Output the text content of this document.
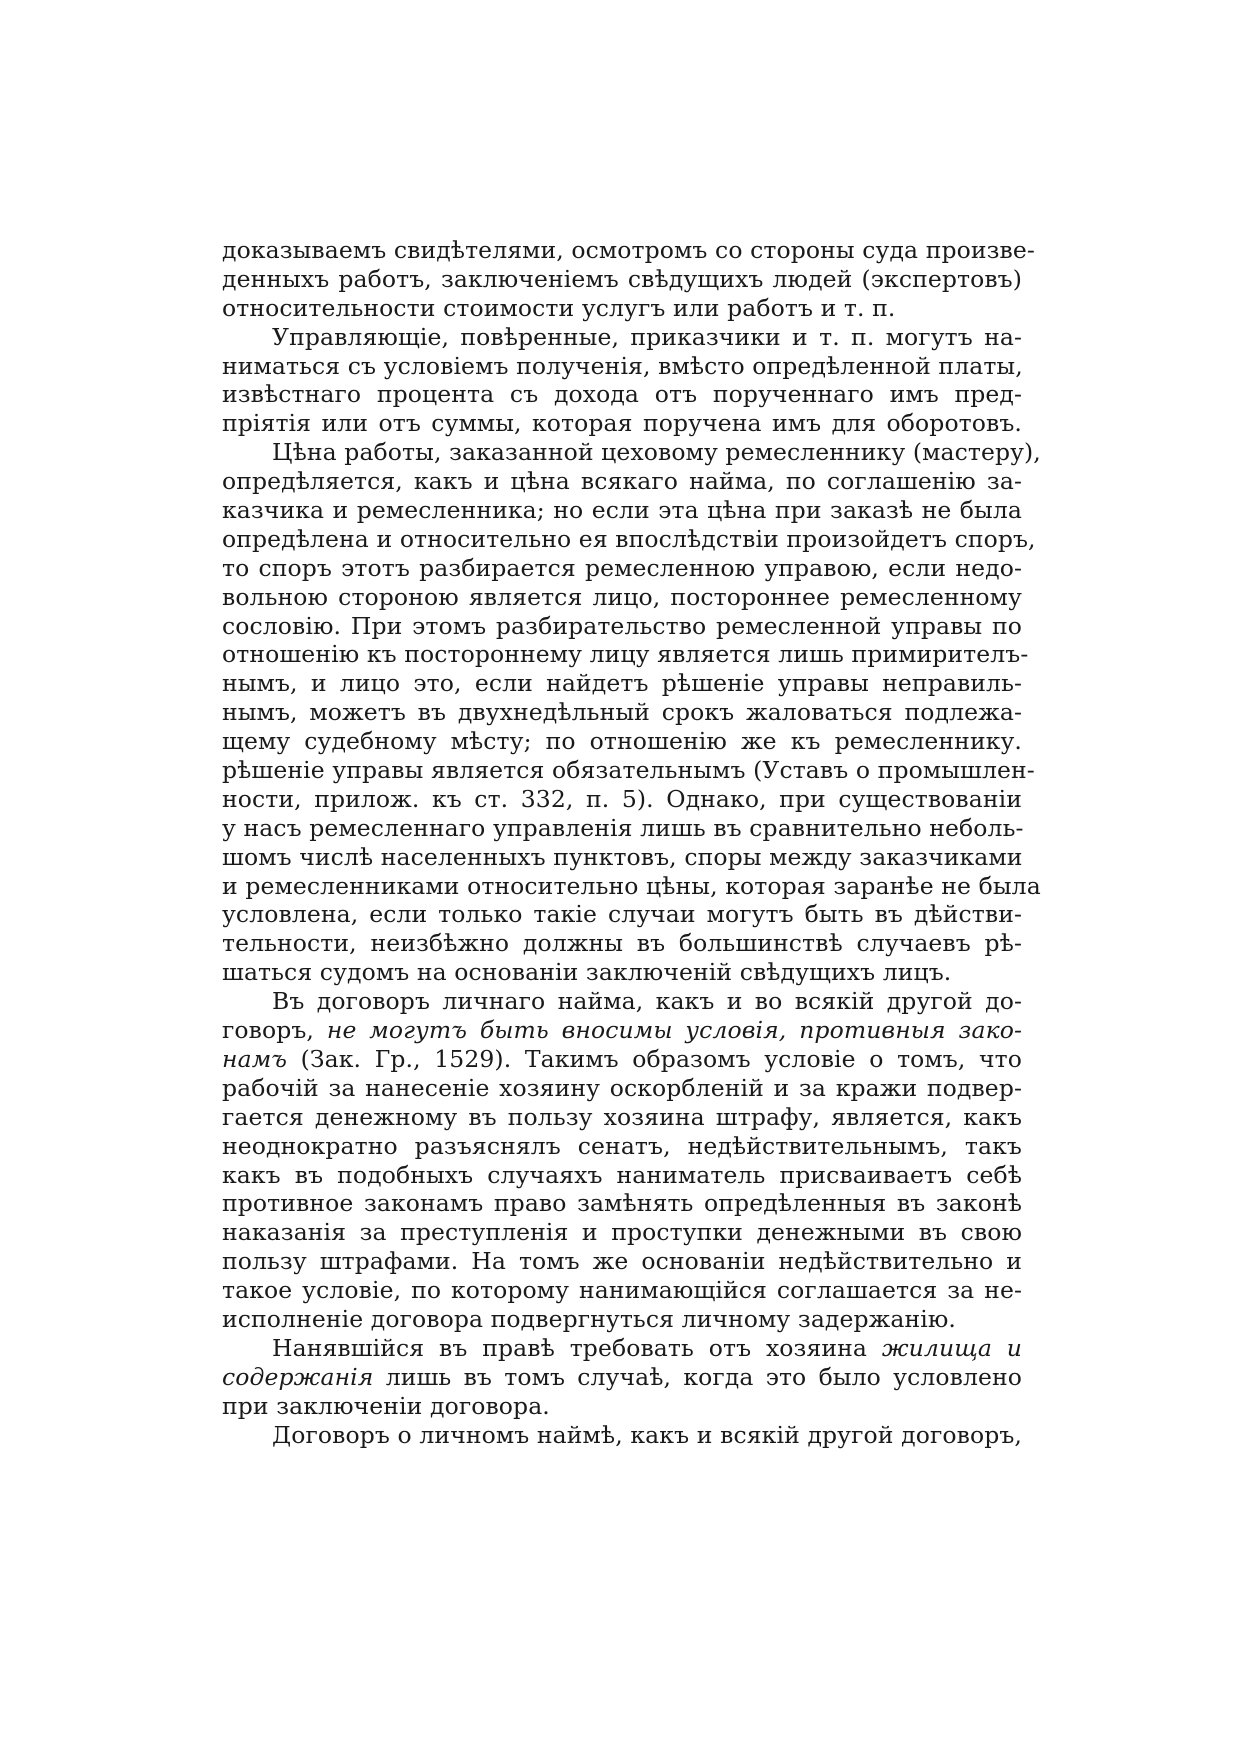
доказываемъ свидѣтелями, осмотромъ со стороны суда произве-
денныхъ работъ, заключеніемъ свѣдущихъ людей (экспертовъ)
относительности стоимости услугъ или работъ и т. п.
Управляющіе, повѣренные, приказчики и т. п. могутъ на-
ниматься съ условіемъ полученія, вмѣсто опредѣленной платы,
извѣстнаго процента съ дохода отъ порученнаго имъ пред-
пріятія или отъ суммы, которая поручена имъ для оборотовъ.
Цѣна работы, заказанной цеховому ремесленнику (мастеру),
опредѣляется, какъ и цѣна всякаго найма, по соглашенію за-
казчика и ремесленника; но если эта цѣна при заказѣ не была
опредѣлена и относительно ея впослѣдствіи произойдетъ споръ,
то споръ этотъ разбирается ремесленною управою, если недо-
вольною стороною является лицо, постороннее ремесленному
сословію. При этомъ разбирательство ремесленной управы по
отношенію къ постороннему лицу является лишь примирителъ-
нымъ, и лицо это, если найдетъ рѣшеніе управы неправиль-
нымъ, можетъ въ двухнедѣльный срокъ жаловаться подлежа-
щему судебному мѣсту; по отношенію же къ ремесленнику.
рѣшеніе управы является обязательнымъ (Уставъ о промышлен-
ности, прилож. къ ст. 332, п. 5). Однако, при существованіи
у насъ ремесленнаго управленія лишь въ сравнительно неболь-
шомъ числѣ населенныхъ пунктовъ, споры между заказчиками
и ремесленниками относительно цѣны, которая заранѣе не была
условлена, если только такіе случаи могутъ быть въ дѣйстви-
тельности, неизбѣжно должны въ большинствѣ случаевъ рѣ-
шаться судомъ на основаніи заключеній свѣдущихъ лицъ.
Въ договоръ личнаго найма, какъ и во всякій другой до-
говоръ, не могутъ быть вносимы условія, противныя зако-
намъ (Зак. Гр., 1529). Такимъ образомъ условіе о томъ, что
рабочій за нанесеніе хозяину оскорбленій и за кражи подвер-
гается денежному въ пользу хозяина штрафу, является, какъ
неоднократно разъяснялъ сенатъ, недѣйствительнымъ, такъ
какъ въ подобныхъ случаяхъ наниматель присваиваетъ себѣ
противное законамъ право замѣнять опредѣленныя въ законѣ
наказанія за преступленія и проступки денежными въ свою
пользу штрафами. На томъ же основаніи недѣйствительно и
такое условіе, по которому нанимающійся соглашается за не-
исполненіе договора подвергнуться личному задержанію.
Нанявшійся въ правѣ требовать отъ хозяина жилища и
содержанія лишь въ томъ случаѣ, когда это было условлено
при заключеніи договора.
Договоръ о личномъ наймѣ, какъ и всякій другой договоръ,
